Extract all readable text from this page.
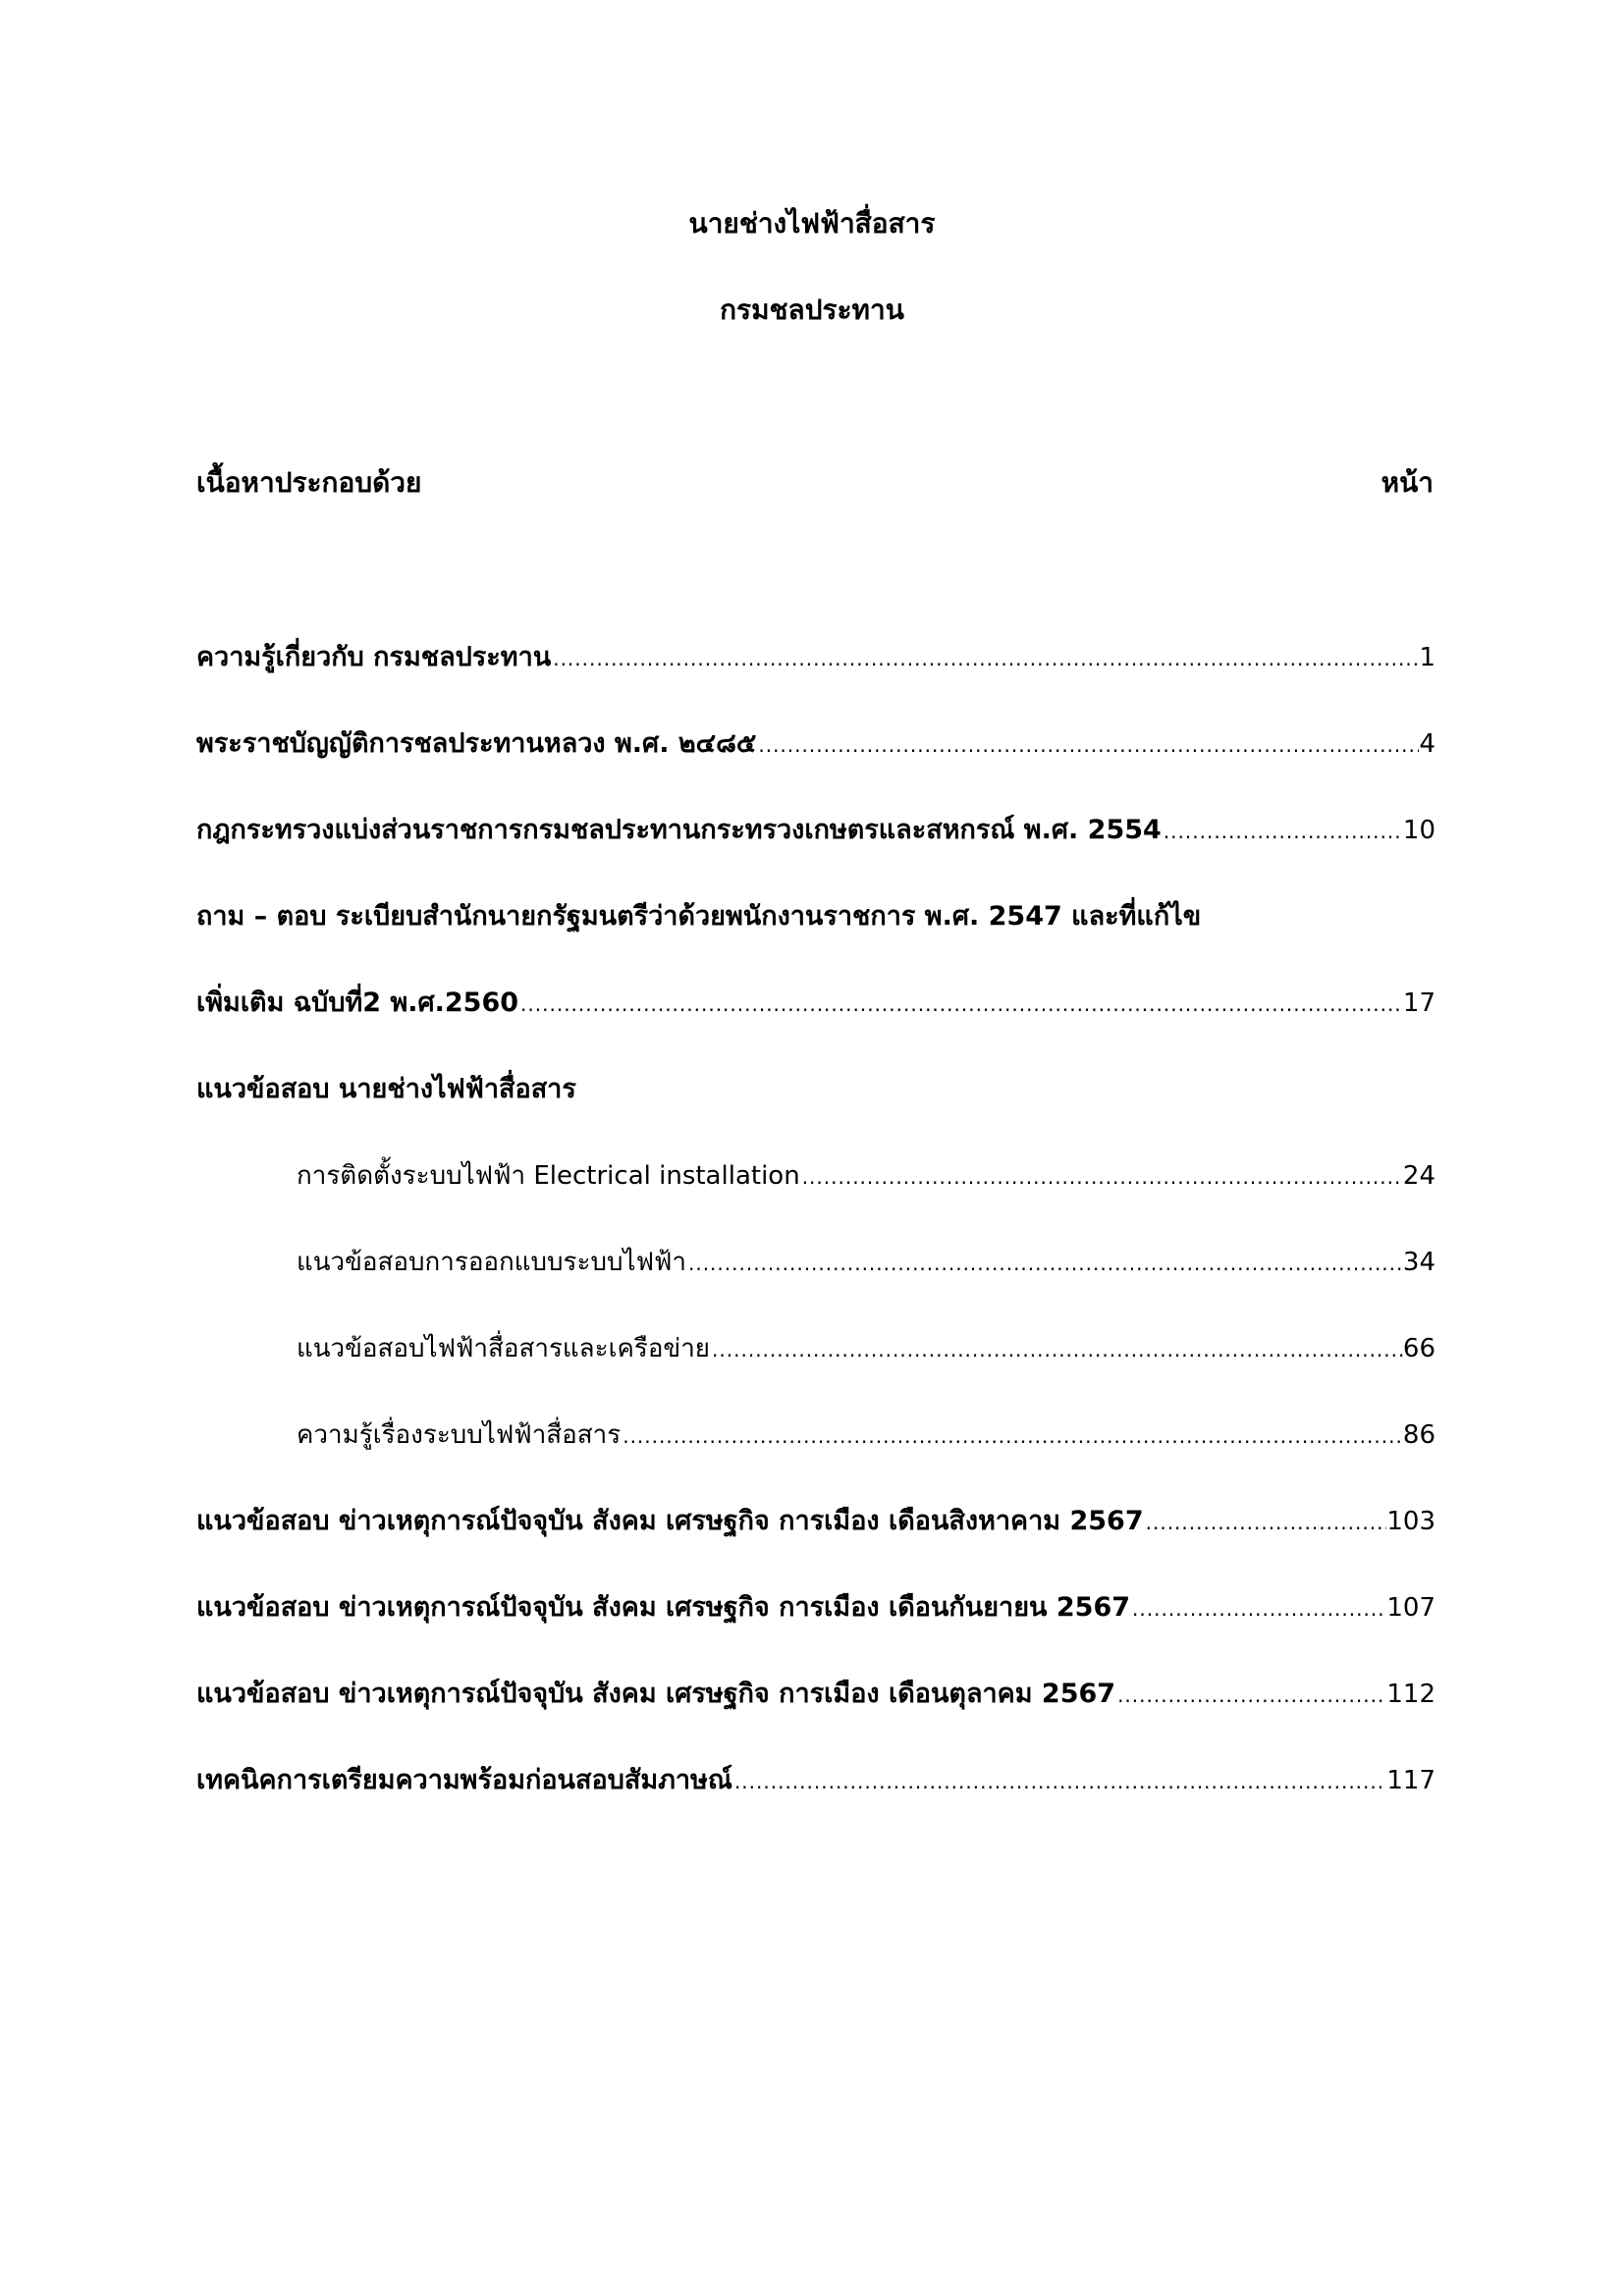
นายช่างไฟฟ้าสื่อสาร
กรมชลประทาน
เนื้อหาประกอบด้วย	หน้า
ความรู้เกี่ยวกับ กรมชลประทาน .....	1
พระราชบัญญัติการชลประทานหลวง พ.ศ. ๒๔๘๕ .....	4
กฎกระทรวงแบ่งส่วนราชการกรมชลประทานกระทรวงเกษตรและสหกรณ์ พ.ศ. 2554 .....	10
ถาม – ตอบ ระเบียบสำนักนายกรัฐมนตรีว่าด้วยพนักงานราชการ พ.ศ. 2547 และที่แก้ไข
เพิ่มเติม ฉบับที่2 พ.ศ.2560 .....	17
แนวข้อสอบ นายช่างไฟฟ้าสื่อสาร
การติดตั้งระบบไฟฟ้า Electrical installation .....	24
แนวข้อสอบการออกแบบระบบไฟฟ้า .....	34
แนวข้อสอบไฟฟ้าสื่อสารและเครือข่าย .....	66
ความรู้เรื่องระบบไฟฟ้าสื่อสาร .....	86
แนวข้อสอบ ข่าวเหตุการณ์ปัจจุบัน สังคม เศรษฐกิจ การเมือง เดือนสิงหาคาม 2567 .....	103
แนวข้อสอบ ข่าวเหตุการณ์ปัจจุบัน สังคม เศรษฐกิจ การเมือง เดือนกันยายน 2567 .....	107
แนวข้อสอบ ข่าวเหตุการณ์ปัจจุบัน สังคม เศรษฐกิจ การเมือง เดือนตุลาคม 2567 .....	112
เทคนิคการเตรียมความพร้อมก่อนสอบสัมภาษณ์ .....	117
